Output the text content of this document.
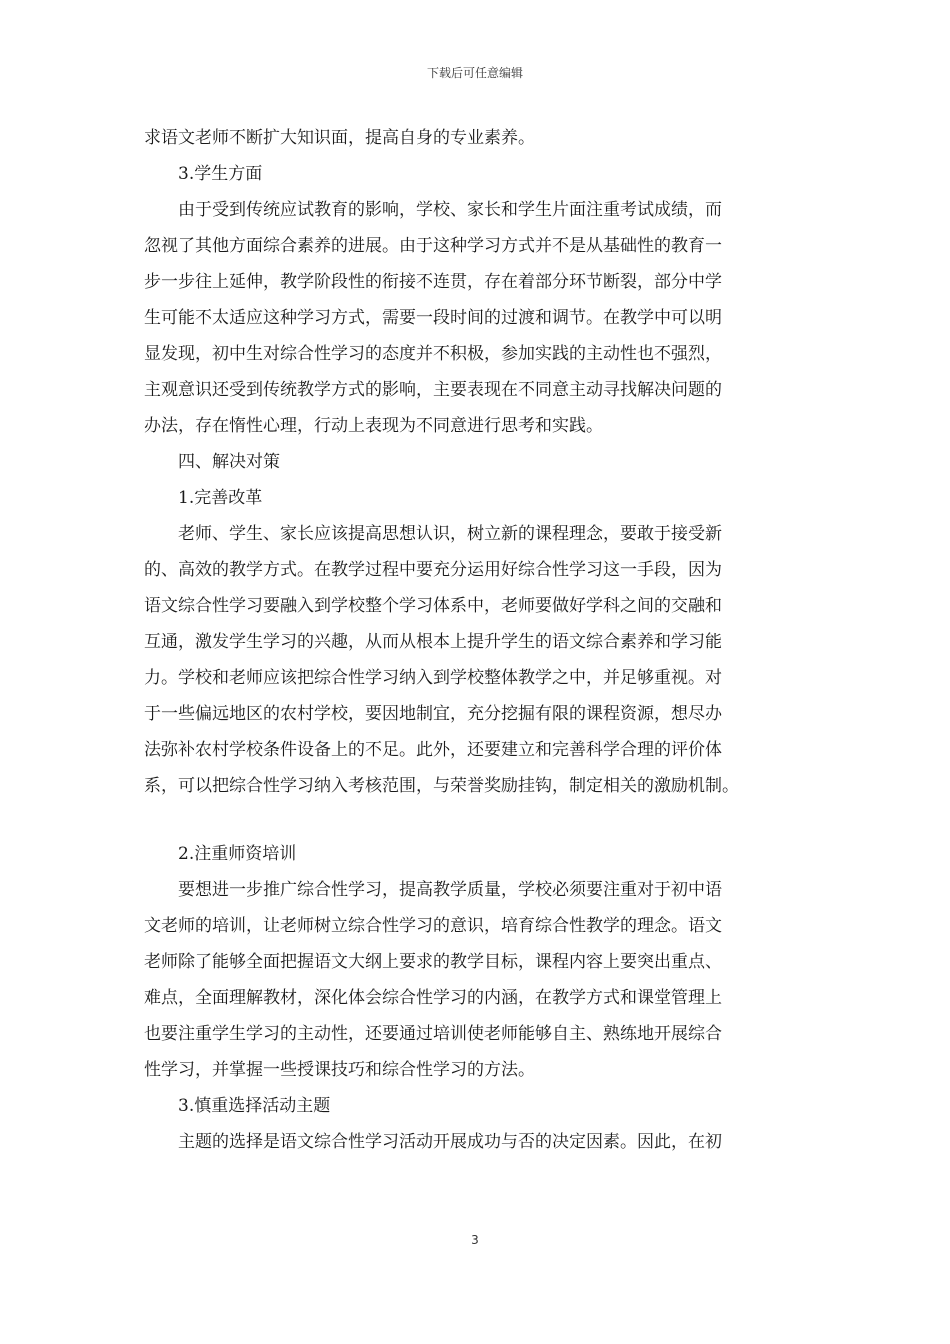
下载后可任意编辑
求语文老师不断扩大知识面，提高自身的专业素养。
3.学生方面
由于受到传统应试教育的影响，学校、家长和学生片面注重考试成绩，而
忽视了其他方面综合素养的进展。由于这种学习方式并不是从基础性的教育一
步一步往上延伸，教学阶段性的衔接不连贯，存在着部分环节断裂，部分中学
生可能不太适应这种学习方式，需要一段时间的过渡和调节。在教学中可以明
显发现，初中生对综合性学习的态度并不积极，参加实践的主动性也不强烈，
主观意识还受到传统教学方式的影响，主要表现在不同意主动寻找解决问题的
办法，存在惰性心理，行动上表现为不同意进行思考和实践。
四、解决对策
1.完善改革
老师、学生、家长应该提高思想认识，树立新的课程理念，要敢于接受新
的、高效的教学方式。在教学过程中要充分运用好综合性学习这一手段，因为
语文综合性学习要融入到学校整个学习体系中，老师要做好学科之间的交融和
互通，激发学生学习的兴趣，从而从根本上提升学生的语文综合素养和学习能
力。学校和老师应该把综合性学习纳入到学校整体教学之中，并足够重视。对
于一些偏远地区的农村学校，要因地制宜，充分挖掘有限的课程资源，想尽办
法弥补农村学校条件设备上的不足。此外，还要建立和完善科学合理的评价体
系，可以把综合性学习纳入考核范围，与荣誉奖励挂钩，制定相关的激励机制。
2.注重师资培训
要想进一步推广综合性学习，提高教学质量，学校必须要注重对于初中语
文老师的培训，让老师树立综合性学习的意识，培育综合性教学的理念。语文
老师除了能够全面把握语文大纲上要求的教学目标，课程内容上要突出重点、
难点，全面理解教材，深化体会综合性学习的内涵，在教学方式和课堂管理上
也要注重学生学习的主动性，还要通过培训使老师能够自主、熟练地开展综合
性学习，并掌握一些授课技巧和综合性学习的方法。
3.慎重选择活动主题
主题的选择是语文综合性学习活动开展成功与否的决定因素。因此，在初
3
